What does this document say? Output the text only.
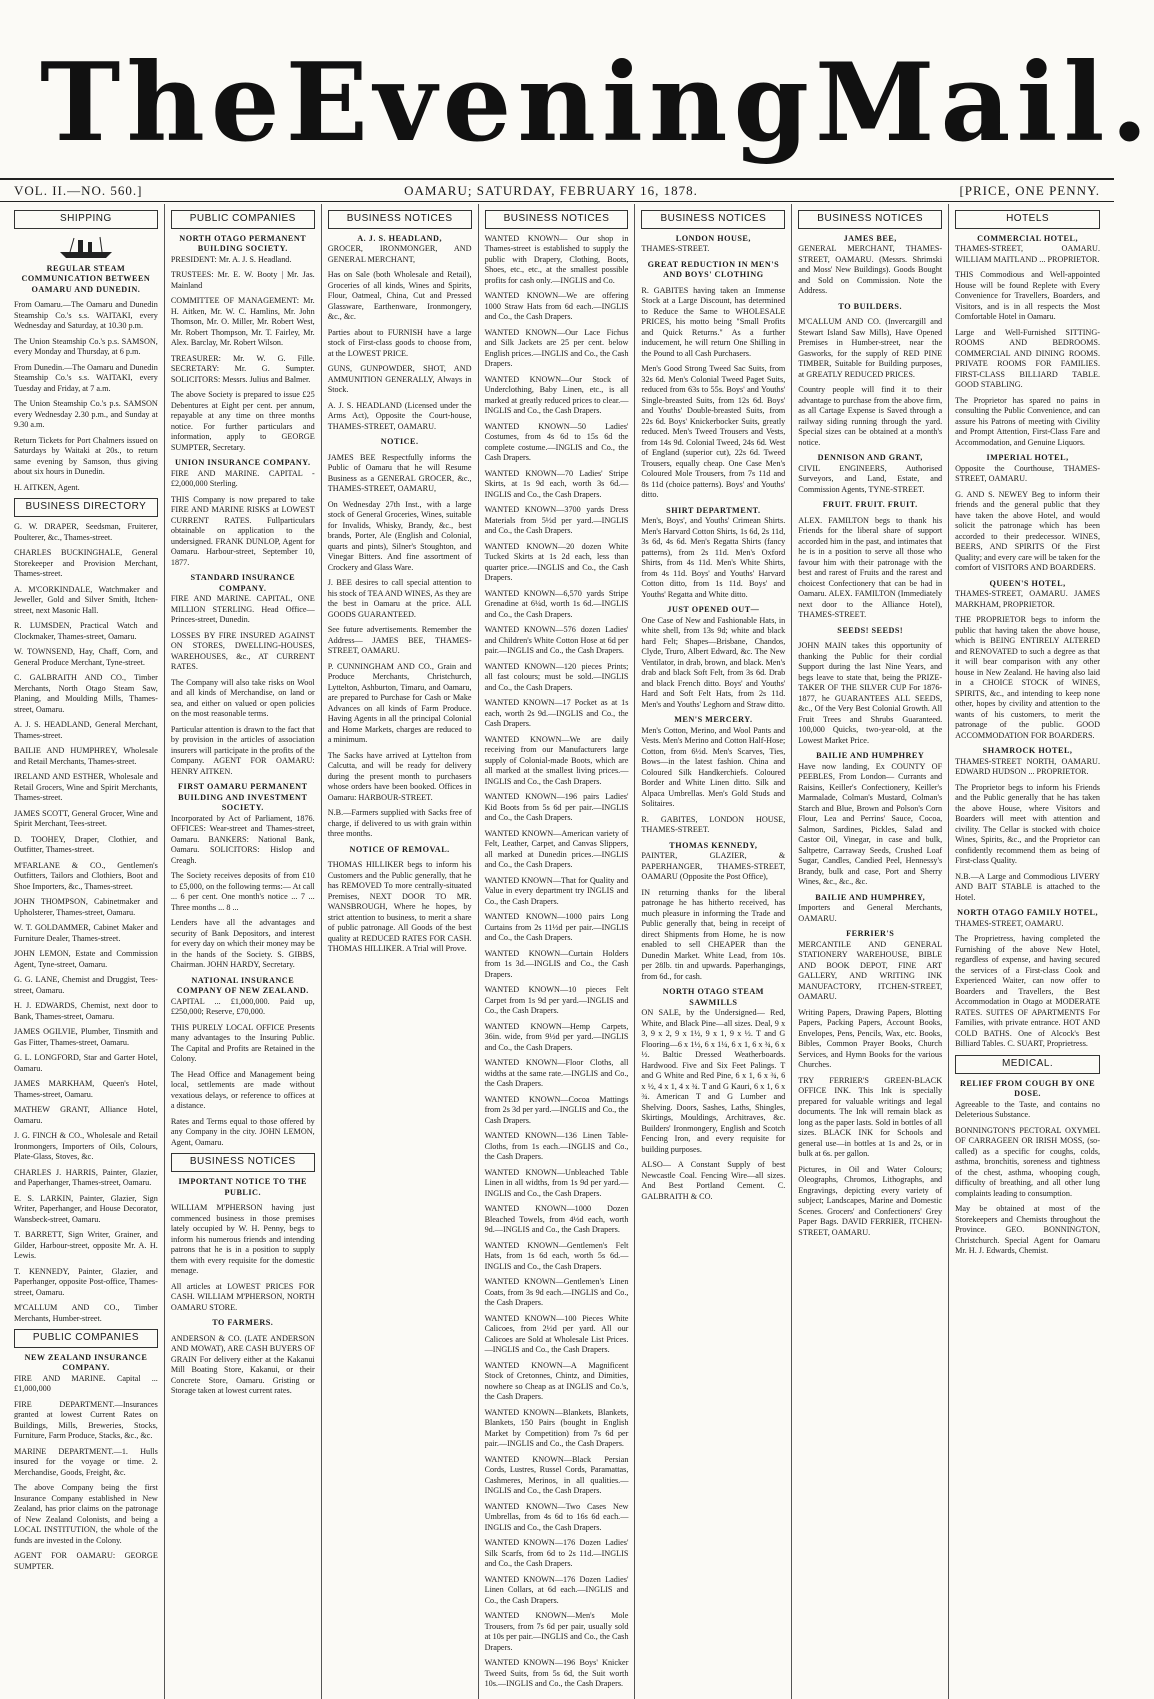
The Evening Mail.
VOL. II.—NO. 560.]	OAMARU; SATURDAY, FEBRUARY 16, 1878.	[PRICE, ONE PENNY.
SHIPPING
REGULAR STEAM COMMUNICATION BETWEEN OAMARU AND DUNEDIN.
From Oamaru.—The Oamaru and Dunedin Steamship Co.'s s.s. WAITAKI, every Wednesday and Saturday, at 10.30 p.m.
The Union Steamship Co.'s p.s. SAMSON, every Monday and Thursday, at 6 p.m.
From Dunedin.—The Oamaru and Dunedin Steamship Co.'s s.s. WAITAKI, every Tuesday and Friday, at 7 a.m.
The Union Steamship Co.'s p.s. SAMSON every Wednesday 2.30 p.m., and Sunday at 9.30 a.m.
Return Tickets for Port Chalmers issued on Saturdays by Waitaki at 20s., to return same evening by Samson, thus giving about six hours in Dunedin.
H. AITKEN, Agent.
BUSINESS DIRECTORY
G. W. DRAPER, Seedsman, Fruiterer, Poulterer, &c., Thames-street.
CHARLES BUCKINGHALE, General Storekeeper and Provision Merchant, Thames-street.
A. M'CORKINDALE, Watchmaker and Jeweller, Gold and Silver Smith, Itchen-street, next Masonic Hall.
R. LUMSDEN, Practical Watch and Clockmaker, Thames-street, Oamaru.
W. TOWNSEND, Hay, Chaff, Corn, and General Produce Merchant, Tyne-street.
C. GALBRAITH AND CO., Timber Merchants, North Otago Steam Saw, Planing, and Moulding Mills, Thames-street, Oamaru.
A. J. S. HEADLAND, General Merchant, Thames-street.
BAILIE AND HUMPHREY, Wholesale and Retail Merchants, Thames-street.
IRELAND AND ESTHER, Wholesale and Retail Grocers, Wine and Spirit Merchants, Thames-street.
JAMES SCOTT, General Grocer, Wine and Spirit Merchant, Tees-street.
D. TOOHEY, Draper, Clothier, and Outfitter, Thames-street.
M'FARLANE & CO., Gentlemen's Outfitters, Tailors and Clothiers, Boot and Shoe Importers, &c., Thames-street.
JOHN THOMPSON, Cabinetmaker and Upholsterer, Thames-street, Oamaru.
W. T. GOLDAMMER, Cabinet Maker and Furniture Dealer, Thames-street.
JOHN LEMON, Estate and Commission Agent, Tyne-street, Oamaru.
G. G. LANE, Chemist and Druggist, Tees-street, Oamaru.
H. J. EDWARDS, Chemist, next door to Bank, Thames-street, Oamaru.
JAMES OGILVIE, Plumber, Tinsmith and Gas Fitter, Thames-street, Oamaru.
G. L. LONGFORD, Star and Garter Hotel, Oamaru.
JAMES MARKHAM, Queen's Hotel, Thames-street, Oamaru.
MATHEW GRANT, Alliance Hotel, Oamaru.
J. G. FINCH & CO., Wholesale and Retail Ironmongers, Importers of Oils, Colours, Plate-Glass, Stoves, &c.
CHARLES J. HARRIS, Painter, Glazier, and Paperhanger, Thames-street, Oamaru.
E. S. LARKIN, Painter, Glazier, Sign Writer, Paperhanger, and House Decorator, Wansbeck-street, Oamaru.
T. BARRETT, Sign Writer, Grainer, and Gilder, Harbour-street, opposite Mr. A. H. Lewis.
T. KENNEDY, Painter, Glazier, and Paperhanger, opposite Post-office, Thames-street, Oamaru.
M'CALLUM AND CO., Timber Merchants, Humber-street.
PUBLIC COMPANIES
NEW ZEALAND INSURANCE COMPANY.
FIRE AND MARINE. Capital ... £1,000,000
FIRE DEPARTMENT.—Insurances granted at lowest Current Rates on Buildings, Mills, Breweries, Stocks, Furniture, Farm Produce, Stacks, &c., &c.
MARINE DEPARTMENT.—1. Hulls insured for the voyage or time. 2. Merchandise, Goods, Freight, &c.
The above Company being the first Insurance Company established in New Zealand, has prior claims on the patronage of New Zealand Colonists, and being a LOCAL INSTITUTION, the whole of the funds are invested in the Colony.
AGENT FOR OAMARU: GEORGE SUMPTER.
PUBLIC COMPANIES
NORTH OTAGO PERMANENT BUILDING SOCIETY.
PRESIDENT: Mr. A. J. S. Headland.
TRUSTEES: Mr. E. W. Booty | Mr. Jas. Mainland
COMMITTEE OF MANAGEMENT: Mr. H. Aitken, Mr. W. C. Hamlins, Mr. John Thomson, Mr. O. Miller, Mr. Robert West, Mr. Robert Thompson, Mr. T. Fairley, Mr. Alex. Barclay, Mr. Robert Wilson.
TREASURER: Mr. W. G. Fille. SECRETARY: Mr. G. Sumpter. SOLICITORS: Messrs. Julius and Balmer.
The above Society is prepared to issue £25 Debentures at Eight per cent. per annum, repayable at any time on three months notice. For further particulars and information, apply to GEORGE SUMPTER, Secretary.
UNION INSURANCE COMPANY.
FIRE AND MARINE. CAPITAL - £2,000,000 Sterling.
THIS Company is now prepared to take FIRE AND MARINE RISKS at LOWEST CURRENT RATES. Fullparticulars obtainable on application to the undersigned. FRANK DUNLOP, Agent for Oamaru. Harbour-street, September 10, 1877.
STANDARD INSURANCE COMPANY.
FIRE AND MARINE. CAPITAL, ONE MILLION STERLING. Head Office—Princes-street, Dunedin.
LOSSES BY FIRE INSURED AGAINST ON STORES, DWELLING-HOUSES, WAREHOUSES, &c., AT CURRENT RATES.
The Company will also take risks on Wool and all kinds of Merchandise, on land or sea, and either on valued or open policies on the most reasonable terms.
Particular attention is drawn to the fact that by provision in the articles of association insurers will participate in the profits of the Company. AGENT FOR OAMARU: HENRY AITKEN.
FIRST OAMARU PERMANENT BUILDING AND INVESTMENT SOCIETY.
Incorporated by Act of Parliament, 1876. OFFICES: Wear-street and Thames-street, Oamaru. BANKERS: National Bank, Oamaru. SOLICITORS: Hislop and Creagh.
The Society receives deposits of from £10 to £5,000, on the following terms:— At call ... 6 per cent. One month's notice ... 7 ... Three months ... 8 ...
Lenders have all the advantages and security of Bank Depositors, and interest for every day on which their money may be in the hands of the Society. S. GIBBS, Chairman. JOHN HARDY, Secretary.
NATIONAL INSURANCE COMPANY OF NEW ZEALAND.
CAPITAL ... £1,000,000. Paid up, £250,000; Reserve, £70,000.
THIS PURELY LOCAL OFFICE Presents many advantages to the Insuring Public. The Capital and Profits are Retained in the Colony.
The Head Office and Management being local, settlements are made without vexatious delays, or reference to offices at a distance.
Rates and Terms equal to those offered by any Company in the city. JOHN LEMON, Agent, Oamaru.
BUSINESS NOTICES
IMPORTANT NOTICE TO THE PUBLIC.
WILLIAM M'PHERSON having just commenced business in those premises lately occupied by W. H. Penny, begs to inform his numerous friends and intending patrons that he is in a position to supply them with every requisite for the domestic menage.
All articles at LOWEST PRICES FOR CASH. WILLIAM M'PHERSON, NORTH OAMARU STORE.
TO FARMERS.
ANDERSON & CO. (LATE ANDERSON AND MOWAT), ARE CASH BUYERS OF GRAIN For delivery either at the Kakanui Mill Boating Store, Kakanui, or their Concrete Store, Oamaru. Gristing or Storage taken at lowest current rates.
BUSINESS NOTICES
A. J. S. HEADLAND,
GROCER, IRONMONGER, AND GENERAL MERCHANT,
Has on Sale (both Wholesale and Retail), Groceries of all kinds, Wines and Spirits, Flour, Oatmeal, China, Cut and Pressed Glassware, Earthenware, Ironmongery, &c., &c.
Parties about to FURNISH have a large stock of First-class goods to choose from, at the LOWEST PRICE.
GUNS, GUNPOWDER, SHOT, AND AMMUNITION GENERALLY, Always in Stock.
A. J. S. HEADLAND (Licensed under the Arms Act), Opposite the Court-house, THAMES-STREET, OAMARU.
NOTICE.
JAMES BEE Respectfully informs the Public of Oamaru that he will Resume Business as a GENERAL GROCER, &c., THAMES-STREET, OAMARU,
On Wednesday 27th Inst., with a large stock of General Groceries, Wines, suitable for Invalids, Whisky, Brandy, &c., best brands, Porter, Ale (English and Colonial, quarts and pints), Silner's Stoughton, and Vinegar Bitters. And fine assortment of Crockery and Glass Ware.
J. BEE desires to call special attention to his stock of TEA AND WINES, As they are the best in Oamaru at the price. ALL GOODS GUARANTEED.
See future advertisements. Remember the Address— JAMES BEE, THAMES-STREET, OAMARU.
P. CUNNINGHAM AND CO., Grain and Produce Merchants, Christchurch, Lyttelton, Ashburton, Timaru, and Oamaru, are prepared to Purchase for Cash or Make Advances on all kinds of Farm Produce. Having Agents in all the principal Colonial and Home Markets, charges are reduced to a minimum.
The Sacks have arrived at Lyttelton from Calcutta, and will be ready for delivery during the present month to purchasers whose orders have been booked. Offices in Oamaru: HARBOUR-STREET.
N.B.—Farmers supplied with Sacks free of charge, if delivered to us with grain within three months.
NOTICE OF REMOVAL.
THOMAS HILLIKER begs to inform his Customers and the Public generally, that he has REMOVED To more centrally-situated Premises, NEXT DOOR TO MR. WANSBROUGH, Where he hopes, by strict attention to business, to merit a share of public patronage. All Goods of the best quality at REDUCED RATES FOR CASH. THOMAS HILLIKER. A Trial will Prove.
BUSINESS NOTICES
WANTED KNOWN— Our shop in Thames-street is established to supply the public with Drapery, Clothing, Boots, Shoes, etc., etc., at the smallest possible profits for cash only.—INGLIS and Co.
WANTED KNOWN—We are offering 1000 Straw Hats from 6d each.—INGLIS and Co., the Cash Drapers.
WANTED KNOWN—Our Lace Fichus and Silk Jackets are 25 per cent. below English prices.—INGLIS and Co., the Cash Drapers.
WANTED KNOWN—Our Stock of Underclothing, Baby Linen, etc., is all marked at greatly reduced prices to clear.—INGLIS and Co., the Cash Drapers.
WANTED KNOWN—50 Ladies' Costumes, from 4s 6d to 15s 6d the complete costume.—INGLIS and Co., the Cash Drapers.
WANTED KNOWN—70 Ladies' Stripe Skirts, at 1s 9d each, worth 3s 6d.—INGLIS and Co., the Cash Drapers.
WANTED KNOWN—3700 yards Dress Materials from 5½d per yard.—INGLIS and Co., the Cash Drapers.
WANTED KNOWN—20 dozen White Tucked Skirts at 1s 2d each, less than quarter price.—INGLIS and Co., the Cash Drapers.
WANTED KNOWN—6,570 yards Stripe Grenadine at 6¼d, worth 1s 6d.—INGLIS and Co., the Cash Drapers.
WANTED KNOWN—576 dozen Ladies' and Children's White Cotton Hose at 6d per pair.—INGLIS and Co., the Cash Drapers.
WANTED KNOWN—120 pieces Prints; all fast colours; must be sold.—INGLIS and Co., the Cash Drapers.
WANTED KNOWN—17 Pocket as at 1s each, worth 2s 9d.—INGLIS and Co., the Cash Drapers.
WANTED KNOWN—We are daily receiving from our Manufacturers large supply of Colonial-made Boots, which are all marked at the smallest living prices.—INGLIS and Co., the Cash Drapers.
WANTED KNOWN—196 pairs Ladies' Kid Boots from 5s 6d per pair.—INGLIS and Co., the Cash Drapers.
WANTED KNOWN—American variety of Felt, Leather, Carpet, and Canvas Slippers, all marked at Dunedin prices.—INGLIS and Co., the Cash Drapers.
WANTED KNOWN—That for Quality and Value in every department try INGLIS and Co., the Cash Drapers.
WANTED KNOWN—1000 pairs Long Curtains from 2s 11½d per pair.—INGLIS and Co., the Cash Drapers.
WANTED KNOWN—Curtain Holders from 1s 3d.—INGLIS and Co., the Cash Drapers.
WANTED KNOWN—10 pieces Felt Carpet from 1s 9d per yard.—INGLIS and Co., the Cash Drapers.
WANTED KNOWN—Hemp Carpets, 36in. wide, from 9½d per yard.—INGLIS and Co., the Cash Drapers.
WANTED KNOWN—Floor Cloths, all widths at the same rate.—INGLIS and Co., the Cash Drapers.
WANTED KNOWN—Cocoa Mattings from 2s 3d per yard.—INGLIS and Co., the Cash Drapers.
WANTED KNOWN—136 Linen Table-Cloths, from 1s each.—INGLIS and Co., the Cash Drapers.
WANTED KNOWN—Unbleached Table Linen in all widths, from 1s 9d per yard.—INGLIS and Co., the Cash Drapers.
WANTED KNOWN—1000 Dozen Bleached Towels, from 4½d each, worth 9d.—INGLIS and Co., the Cash Drapers.
WANTED KNOWN—Gentlemen's Felt Hats, from 1s 6d each, worth 5s 6d.—INGLIS and Co., the Cash Drapers.
WANTED KNOWN—Gentlemen's Linen Coats, from 3s 9d each.—INGLIS and Co., the Cash Drapers.
WANTED KNOWN—100 Pieces White Calicoes, from 2½d per yard. All our Calicoes are Sold at Wholesale List Prices.—INGLIS and Co., the Cash Drapers.
WANTED KNOWN—A Magnificent Stock of Cretonnes, Chintz, and Dimities, nowhere so Cheap as at INGLIS and Co.'s, the Cash Drapers.
WANTED KNOWN—Blankets, Blankets, Blankets, 150 Pairs (bought in English Market by Competition) from 7s 6d per pair.—INGLIS and Co., the Cash Drapers.
WANTED KNOWN—Black Persian Cords, Lustres, Russel Cords, Paramattas, Cashmeres, Merinos, in all qualities.—INGLIS and Co., the Cash Drapers.
WANTED KNOWN—Two Cases New Umbrellas, from 4s 6d to 16s 6d each.—INGLIS and Co., the Cash Drapers.
WANTED KNOWN—176 Dozen Ladies' Silk Scarfs, from 6d to 2s 11d.—INGLIS and Co., the Cash Drapers.
WANTED KNOWN—176 Dozen Ladies' Linen Collars, at 6d each.—INGLIS and Co., the Cash Drapers.
WANTED KNOWN—Men's Mole Trousers, from 7s 6d per pair, usually sold at 10s per pair.—INGLIS and Co., the Cash Drapers.
WANTED KNOWN—196 Boys' Knicker Tweed Suits, from 5s 6d, the Suit worth 10s.—INGLIS and Co., the Cash Drapers.
BUSINESS NOTICES
LONDON HOUSE,
THAMES-STREET.
GREAT REDUCTION IN MEN'S AND BOYS' CLOTHING
R. GABITES having taken an Immense Stock at a Large Discount, has determined to Reduce the Same to WHOLESALE PRICES, his motto being "Small Profits and Quick Returns." As a further inducement, he will return One Shilling in the Pound to all Cash Purchasers.
Men's Good Strong Tweed Sac Suits, from 32s 6d. Men's Colonial Tweed Paget Suits, reduced from 63s to 55s. Boys' and Youths' Single-breasted Suits, from 12s 6d. Boys' and Youths' Double-breasted Suits, from 22s 6d. Boys' Knickerbocker Suits, greatly reduced. Men's Tweed Trousers and Vests, from 14s 9d. Colonial Tweed, 24s 6d. West of England (superior cut), 22s 6d. Tweed Trousers, equally cheap. One Case Men's Coloured Mole Trousers, from 7s 11d and 8s 11d (choice patterns). Boys' and Youths' ditto.
SHIRT DEPARTMENT.
Men's, Boys', and Youths' Crimean Shirts. Men's Harvard Cotton Shirts, 1s 6d, 2s 11d, 3s 6d, 4s 6d. Men's Regatta Shirts (fancy patterns), from 2s 11d. Men's Oxford Shirts, from 4s 11d. Men's White Shirts, from 4s 11d. Boys' and Youths' Harvard Cotton ditto, from 1s 11d. Boys' and Youths' Regatta and White ditto.
JUST OPENED OUT—
One Case of New and Fashionable Hats, in white shell, from 13s 9d; white and black hard Felt; Shapes—Brisbane, Chandos, Clyde, Truro, Albert Edward, &c. The New Ventilator, in drab, brown, and black. Men's drab and black Soft Felt, from 3s 6d. Drab and black French ditto. Boys' and Youths' Hard and Soft Felt Hats, from 2s 11d. Men's and Youths' Leghorn and Straw ditto.
MEN'S MERCERY.
Men's Cotton, Merino, and Wool Pants and Vests. Men's Merino and Cotton Half-Hose; Cotton, from 6½d. Men's Scarves, Ties, Bows—in the latest fashion. China and Coloured Silk Handkerchiefs. Coloured Border and White Linen ditto. Silk and Alpaca Umbrellas. Men's Gold Studs and Solitaires.
R. GABITES, LONDON HOUSE, THAMES-STREET.
THOMAS KENNEDY,
PAINTER, GLAZIER, & PAPERHANGER, THAMES-STREET, OAMARU (Opposite the Post Office),
IN returning thanks for the liberal patronage he has hitherto received, has much pleasure in informing the Trade and Public generally that, being in receipt of direct Shipments from Home, he is now enabled to sell CHEAPER than the Dunedin Market. White Lead, from 10s. per 28lb. tin and upwards. Paperhangings, from 6d., for cash.
NORTH OTAGO STEAM SAWMILLS
ON SALE, by the Undersigned— Red, White, and Black Pine—all sizes. Deal, 9 x 3, 9 x 2, 9 x 1½, 9 x 1, 9 x ½. T and G Flooring—6 x 1½, 6 x 1¼, 6 x 1, 6 x ¾, 6 x ½. Baltic Dressed Weatherboards. Hardwood. Five and Six Feet Palings. T and G White and Red Pine, 6 x 1, 6 x ¾, 6 x ½, 4 x 1, 4 x ¾. T and G Kauri, 6 x 1, 6 x ¾. American T and G Lumber and Shelving. Doors, Sashes, Laths, Shingles, Skirtings, Mouldings, Architraves, &c. Builders' Ironmongery, English and Scotch Fencing Iron, and every requisite for building purposes.
ALSO— A Constant Supply of best Newcastle Coal. Fencing Wire—all sizes. And Best Portland Cement. C. GALBRAITH & CO.
BUSINESS NOTICES
JAMES BEE,
GENERAL MERCHANT, THAMES-STREET, OAMARU. (Messrs. Shrimski and Moss' New Buildings). Goods Bought and Sold on Commission. Note the Address.
TO BUILDERS.
M'CALLUM AND CO. (Invercargill and Stewart Island Saw Mills), Have Opened Premises in Humber-street, near the Gasworks, for the supply of RED PINE TIMBER, Suitable for Building purposes, at GREATLY REDUCED PRICES.
Country people will find it to their advantage to purchase from the above firm, as all Cartage Expense is Saved through a railway siding running through the yard. Special sizes can be obtained at a month's notice.
DENNISON AND GRANT,
CIVIL ENGINEERS, Authorised Surveyors, and Land, Estate, and Commission Agents, TYNE-STREET.
FRUIT. FRUIT. FRUIT.
ALEX. FAMILTON begs to thank his Friends for the liberal share of support accorded him in the past, and intimates that he is in a position to serve all those who favour him with their patronage with the best and rarest of Fruits and the rarest and choicest Confectionery that can be had in Oamaru. ALEX. FAMILTON (Immediately next door to the Alliance Hotel), THAMES-STREET.
SEEDS! SEEDS!
JOHN MAIN takes this opportunity of thanking the Public for their cordial Support during the last Nine Years, and begs leave to state that, being the PRIZE-TAKER OF THE SILVER CUP For 1876-1877, he GUARANTEES ALL SEEDS, &c., Of the Very Best Colonial Growth. All Fruit Trees and Shrubs Guaranteed. 100,000 Quicks, two-year-old, at the Lowest Market Price.
BAILIE AND HUMPHREY
Have now landing, Ex COUNTY OF PEEBLES, From London— Currants and Raisins, Keiller's Confectionery, Keiller's Marmalade, Colman's Mustard, Colman's Starch and Blue, Brown and Polson's Corn Flour, Lea and Perrins' Sauce, Cocoa, Salmon, Sardines, Pickles, Salad and Castor Oil, Vinegar, in case and bulk, Saltpetre, Carraway Seeds, Crushed Loaf Sugar, Candles, Candied Peel, Hennessy's Brandy, bulk and case, Port and Sherry Wines, &c., &c., &c.
BAILIE AND HUMPHREY,
Importers and General Merchants, OAMARU.
FERRIER'S
MERCANTILE AND GENERAL STATIONERY WAREHOUSE, BIBLE AND BOOK DEPOT, FINE ART GALLERY, AND WRITING INK MANUFACTORY, ITCHEN-STREET, OAMARU.
Writing Papers, Drawing Papers, Blotting Papers, Packing Papers, Account Books, Envelopes, Pens, Pencils, Wax, etc. Books, Bibles, Common Prayer Books, Church Services, and Hymn Books for the various Churches.
TRY FERRIER'S GREEN-BLACK OFFICE INK. This Ink is specially prepared for valuable writings and legal documents. The Ink will remain black as long as the paper lasts. Sold in bottles of all sizes. BLACK INK for Schools and general use—in bottles at 1s and 2s, or in bulk at 6s. per gallon.
Pictures, in Oil and Water Colours; Oleographs, Chromos, Lithographs, and Engravings, depicting every variety of subject; Landscapes, Marine and Domestic Scenes. Grocers' and Confectioners' Grey Paper Bags. DAVID FERRIER, ITCHEN-STREET, OAMARU.
HOTELS
COMMERCIAL HOTEL,
THAMES-STREET, OAMARU. WILLIAM MAITLAND ... PROPRIETOR.
THIS Commodious and Well-appointed House will be found Replete with Every Convenience for Travellers, Boarders, and Visitors, and is in all respects the Most Comfortable Hotel in Oamaru.
Large and Well-Furnished SITTING-ROOMS AND BEDROOMS. COMMERCIAL AND DINING ROOMS. PRIVATE ROOMS FOR FAMILIES. FIRST-CLASS BILLIARD TABLE. GOOD STABLING.
The Proprietor has spared no pains in consulting the Public Convenience, and can assure his Patrons of meeting with Civility and Prompt Attention, First-Class Fare and Accommodation, and Genuine Liquors.
IMPERIAL HOTEL,
Opposite the Courthouse, THAMES-STREET, OAMARU.
G. AND S. NEWEY Beg to inform their friends and the general public that they have taken the above Hotel, and would solicit the patronage which has been accorded to their predecessor. WINES, BEERS, AND SPIRITS Of the First Quality; and every care will be taken for the comfort of VISITORS AND BOARDERS.
QUEEN'S HOTEL,
THAMES-STREET, OAMARU. JAMES MARKHAM, PROPRIETOR.
THE PROPRIETOR begs to inform the public that having taken the above house, which is BEING ENTIRELY ALTERED and RENOVATED to such a degree as that it will bear comparison with any other house in New Zealand. He having also laid in a CHOICE STOCK of WINES, SPIRITS, &c., and intending to keep none other, hopes by civility and attention to the wants of his customers, to merit the patronage of the public. GOOD ACCOMMODATION FOR BOARDERS.
SHAMROCK HOTEL,
THAMES-STREET NORTH, OAMARU. EDWARD HUDSON ... PROPRIETOR.
The Proprietor begs to inform his Friends and the Public generally that he has taken the above House, where Visitors and Boarders will meet with attention and civility. The Cellar is stocked with choice Wines, Spirits, &c., and the Proprietor can confidently recommend them as being of First-class Quality.
N.B.—A Large and Commodious LIVERY AND BAIT STABLE is attached to the Hotel.
NORTH OTAGO FAMILY HOTEL,
THAMES-STREET, OAMARU.
The Proprietress, having completed the Furnishing of the above New Hotel, regardless of expense, and having secured the services of a First-class Cook and Experienced Waiter, can now offer to Boarders and Travellers, the Best Accommodation in Otago at MODERATE RATES. SUITES OF APARTMENTS For Families, with private entrance. HOT AND COLD BATHS. One of Alcock's Best Billiard Tables. C. SUART, Proprietress.
MEDICAL.
RELIEF FROM COUGH BY ONE DOSE.
Agreeable to the Taste, and contains no Deleterious Substance.
BONNINGTON'S PECTORAL OXYMEL OF CARRAGEEN OR IRISH MOSS, (so-called) as a specific for coughs, colds, asthma, bronchitis, soreness and tightness of the chest, asthma, whooping cough, difficulty of breathing, and all other lung complaints leading to consumption.
May be obtained at most of the Storekeepers and Chemists throughout the Province. GEO. BONNINGTON, Christchurch. Special Agent for Oamaru Mr. H. J. Edwards, Chemist.
